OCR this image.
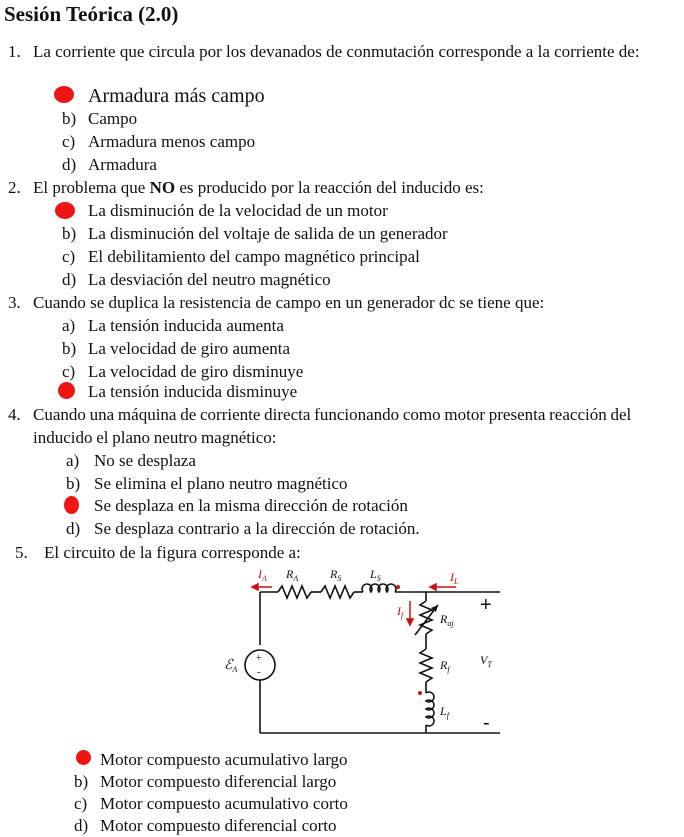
Sesión Teórica (2.0)
1. La corriente que circula por los devanados de conmutación corresponde a la corriente de:
Armadura más campo
b) Campo
c) Armadura menos campo
d) Armadura
2. El problema que NO es producido por la reacción del inducido es:
La disminución de la velocidad de un motor
b) La disminución del voltaje de salida de un generador
c) El debilitamiento del campo magnético principal
d) La desviación del neutro magnético
3. Cuando se duplica la resistencia de campo en un generador dc se tiene que:
a) La tensión inducida aumenta
b) La velocidad de giro aumenta
c) La velocidad de giro disminuye
La tensión inducida disminuye
4. Cuando una máquina de corriente directa funcionando como motor presenta reacción del inducido el plano neutro magnético:
a) No se desplaza
b) Se elimina el plano neutro magnético
Se desplaza en la misma dirección de rotación
d) Se desplaza contrario a la dirección de rotación.
5. El circuito de la figura corresponde a:
+
-
$I_A$ $R_A$	$R_S$ $L_S$	$I_L$
$I_f$	$R_{aj}$
$R_f$
$L_f$
ℰ$_A$
$V_T$
+
-
Motor compuesto acumulativo largo
b) Motor compuesto diferencial largo
c) Motor compuesto acumulativo corto
d) Motor compuesto diferencial corto
